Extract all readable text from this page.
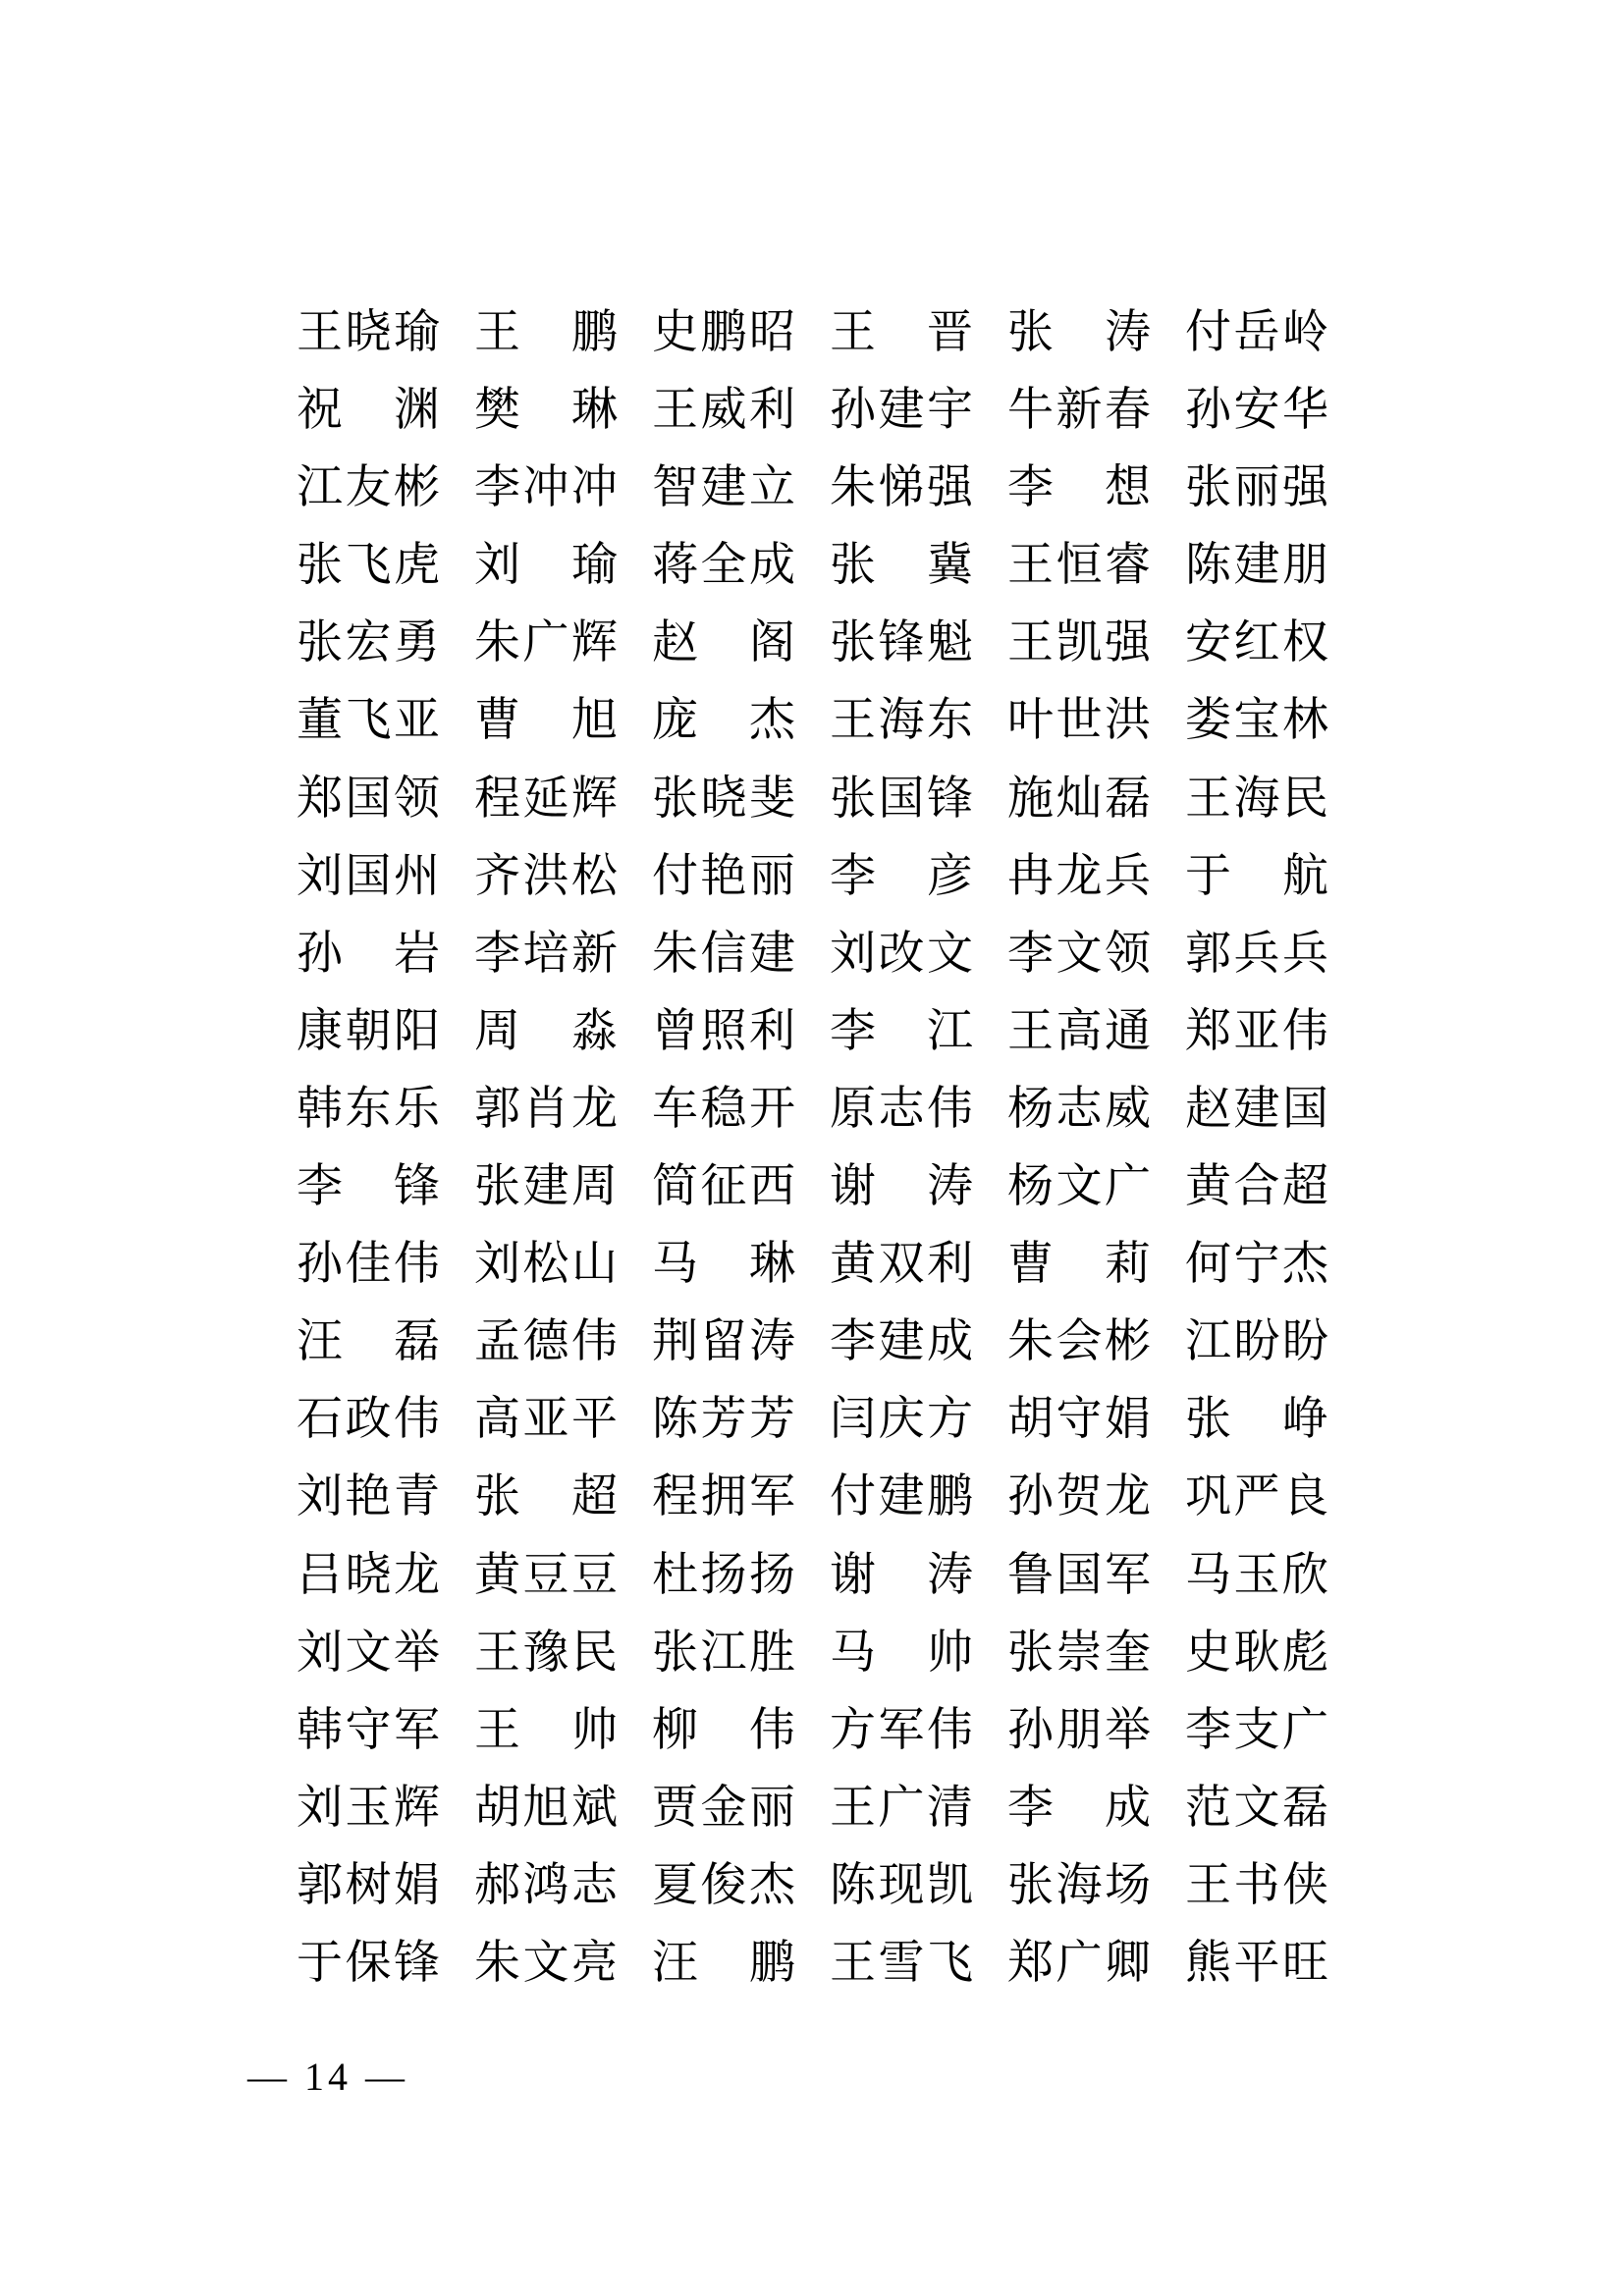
王 晓 瑜 王 鹏 史 鹏 昭 王 晋 张 涛 付 岳 岭
祝 渊 樊 琳 王 威 利 孙 建 宇 牛 新 春 孙 安 华
江 友 彬 李 冲 冲 智 建 立 朱 悌 强 李 想 张 丽 强
张 飞 虎 刘 瑜 蒋 全 成 张 冀 王 恒 睿 陈 建 朋
张 宏 勇 朱 广 辉 赵 阁 张 锋 魁 王 凯 强 安 红 权
董 飞 亚 曹 旭 庞 杰 王 海 东 叶 世 洪 娄 宝 林
郑 国 领 程 延 辉 张 晓 斐 张 国 锋 施 灿 磊 王 海 民
刘 国 州 齐 洪 松 付 艳 丽 李 彦 冉 龙 兵 于 航
孙 岩 李 培 新 朱 信 建 刘 改 文 李 文 领 郭 兵 兵
康 朝 阳 周 淼 曾 照 利 李 江 王 高 通 郑 亚 伟
韩 东 乐 郭 肖 龙 车 稳 开 原 志 伟 杨 志 威 赵 建 国
李 锋 张 建 周 简 征 西 谢 涛 杨 文 广 黄 合 超
孙 佳 伟 刘 松 山 马 琳 黄 双 利 曹 莉 何 宁 杰
汪 磊 孟 德 伟 荆 留 涛 李 建 成 朱 会 彬 江 盼 盼
石 政 伟 高 亚 平 陈 芳 芳 闫 庆 方 胡 守 娟 张 峥
刘 艳 青 张 超 程 拥 军 付 建 鹏 孙 贺 龙 巩 严 良
吕 晓 龙 黄 豆 豆 杜 扬 扬 谢 涛 鲁 国 军 马 玉 欣
刘 文 举 王 豫 民 张 江 胜 马 帅 张 崇 奎 史 耿 彪
韩 守 军 王 帅 柳 伟 方 军 伟 孙 朋 举 李 支 广
刘 玉 辉 胡 旭 斌 贾 金 丽 王 广 清 李 成 范 文 磊
郭 树 娟 郝 鸿 志 夏 俊 杰 陈 现 凯 张 海 场 王 书 侠
于 保 锋 朱 文 亮 汪 鹏 王 雪 飞 郑 广 卿 熊 平 旺
— 14 —
